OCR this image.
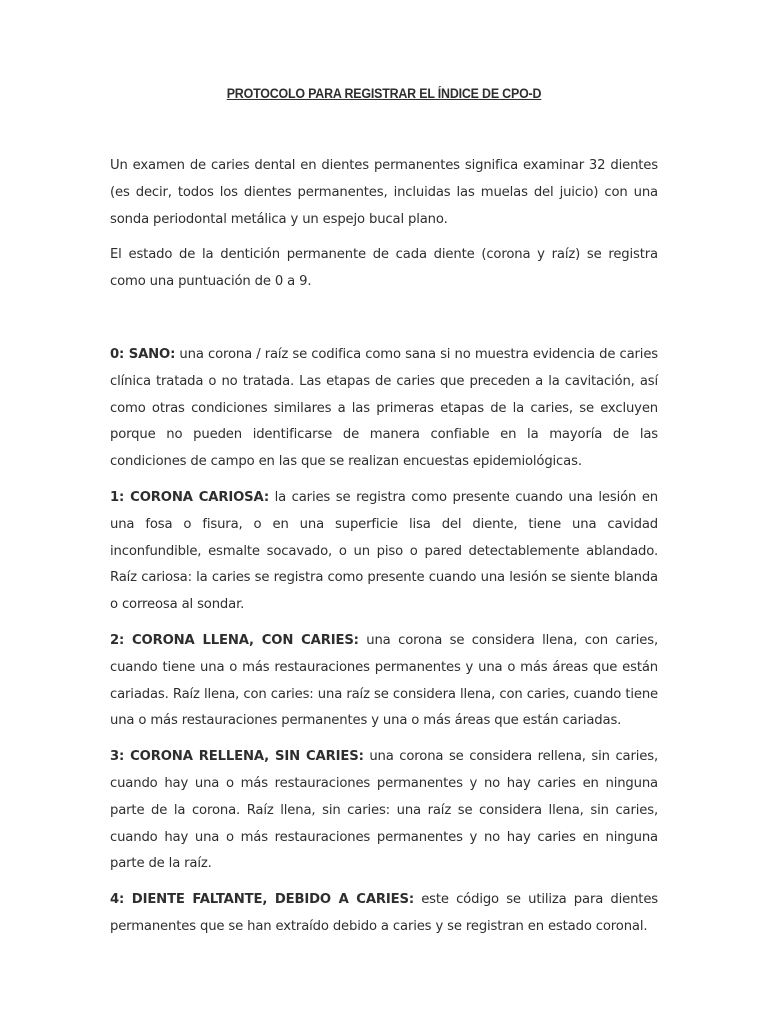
PROTOCOLO PARA REGISTRAR EL ÍNDICE DE CPO-D

Un examen de caries dental en dientes permanentes significa examinar 32 dientes (es decir, todos los dientes permanentes, incluidas las muelas del juicio) con una sonda periodontal metálica y un espejo bucal plano.

El estado de la dentición permanente de cada diente (corona y raíz) se registra como una puntuación de 0 a 9.

0: SANO: una corona / raíz se codifica como sana si no muestra evidencia de caries clínica tratada o no tratada. Las etapas de caries que preceden a la cavitación, así como otras condiciones similares a las primeras etapas de la caries, se excluyen porque no pueden identificarse de manera confiable en la mayoría de las condiciones de campo en las que se realizan encuestas epidemiológicas.

1: CORONA CARIOSA: la caries se registra como presente cuando una lesión en una fosa o fisura, o en una superficie lisa del diente, tiene una cavidad inconfundible, esmalte socavado, o un piso o pared detectablemente ablandado. Raíz cariosa: la caries se registra como presente cuando una lesión se siente blanda o correosa al sondar.

2: CORONA LLENA, CON CARIES: una corona se considera llena, con caries, cuando tiene una o más restauraciones permanentes y una o más áreas que están cariadas. Raíz llena, con caries: una raíz se considera llena, con caries, cuando tiene una o más restauraciones permanentes y una o más áreas que están cariadas.

3: CORONA RELLENA, SIN CARIES: una corona se considera rellena, sin caries, cuando hay una o más restauraciones permanentes y no hay caries en ninguna parte de la corona. Raíz llena, sin caries: una raíz se considera llena, sin caries, cuando hay una o más restauraciones permanentes y no hay caries en ninguna parte de la raíz.

4: DIENTE FALTANTE, DEBIDO A CARIES: este código se utiliza para dientes permanentes que se han extraído debido a caries y se registran en estado coronal.
